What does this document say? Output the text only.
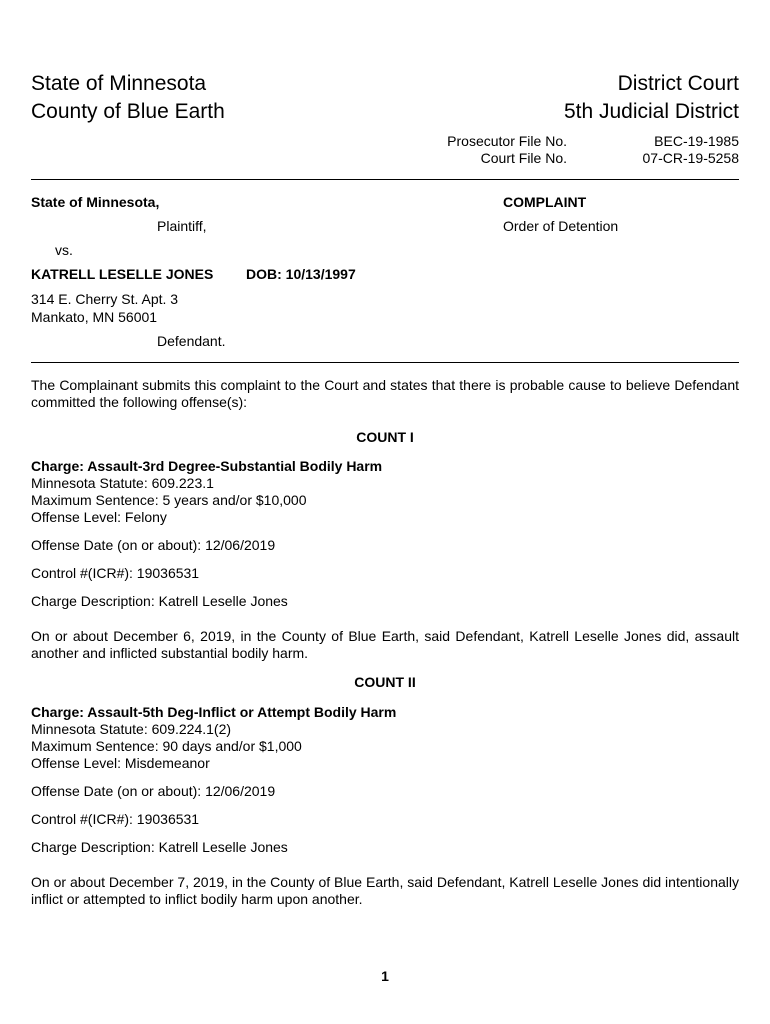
State of Minnesota
County of Blue Earth
District Court
5th Judicial District
Prosecutor File No.	BEC-19-1985
Court File No.	07-CR-19-5258
State of Minnesota,
Plaintiff,
vs.
KATRELL LESELLE JONES DOB: 10/13/1997
314 E. Cherry St. Apt. 3
Mankato, MN 56001
Defendant.
COMPLAINT
Order of Detention

The Complainant submits this complaint to the Court and states that there is probable cause to believe Defendant committed the following offense(s):

COUNT I

Charge: Assault-3rd Degree-Substantial Bodily Harm

Minnesota Statute: 609.223.1

Maximum Sentence: 5 years and/or $10,000

Offense Level: Felony

Offense Date (on or about): 12/06/2019

Control #(ICR#): 19036531

Charge Description: Katrell Leselle Jones

On or about December 6, 2019, in the County of Blue Earth, said Defendant, Katrell Leselle Jones did, assault another and inflicted substantial bodily harm.

COUNT II

Charge: Assault-5th Deg-Inflict or Attempt Bodily Harm

Minnesota Statute: 609.224.1(2)

Maximum Sentence: 90 days and/or $1,000

Offense Level: Misdemeanor

Offense Date (on or about): 12/06/2019

Control #(ICR#): 19036531

Charge Description: Katrell Leselle Jones

On or about December 7, 2019, in the County of Blue Earth, said Defendant, Katrell Leselle Jones did intentionally inflict or attempted to inflict bodily harm upon another.

1
